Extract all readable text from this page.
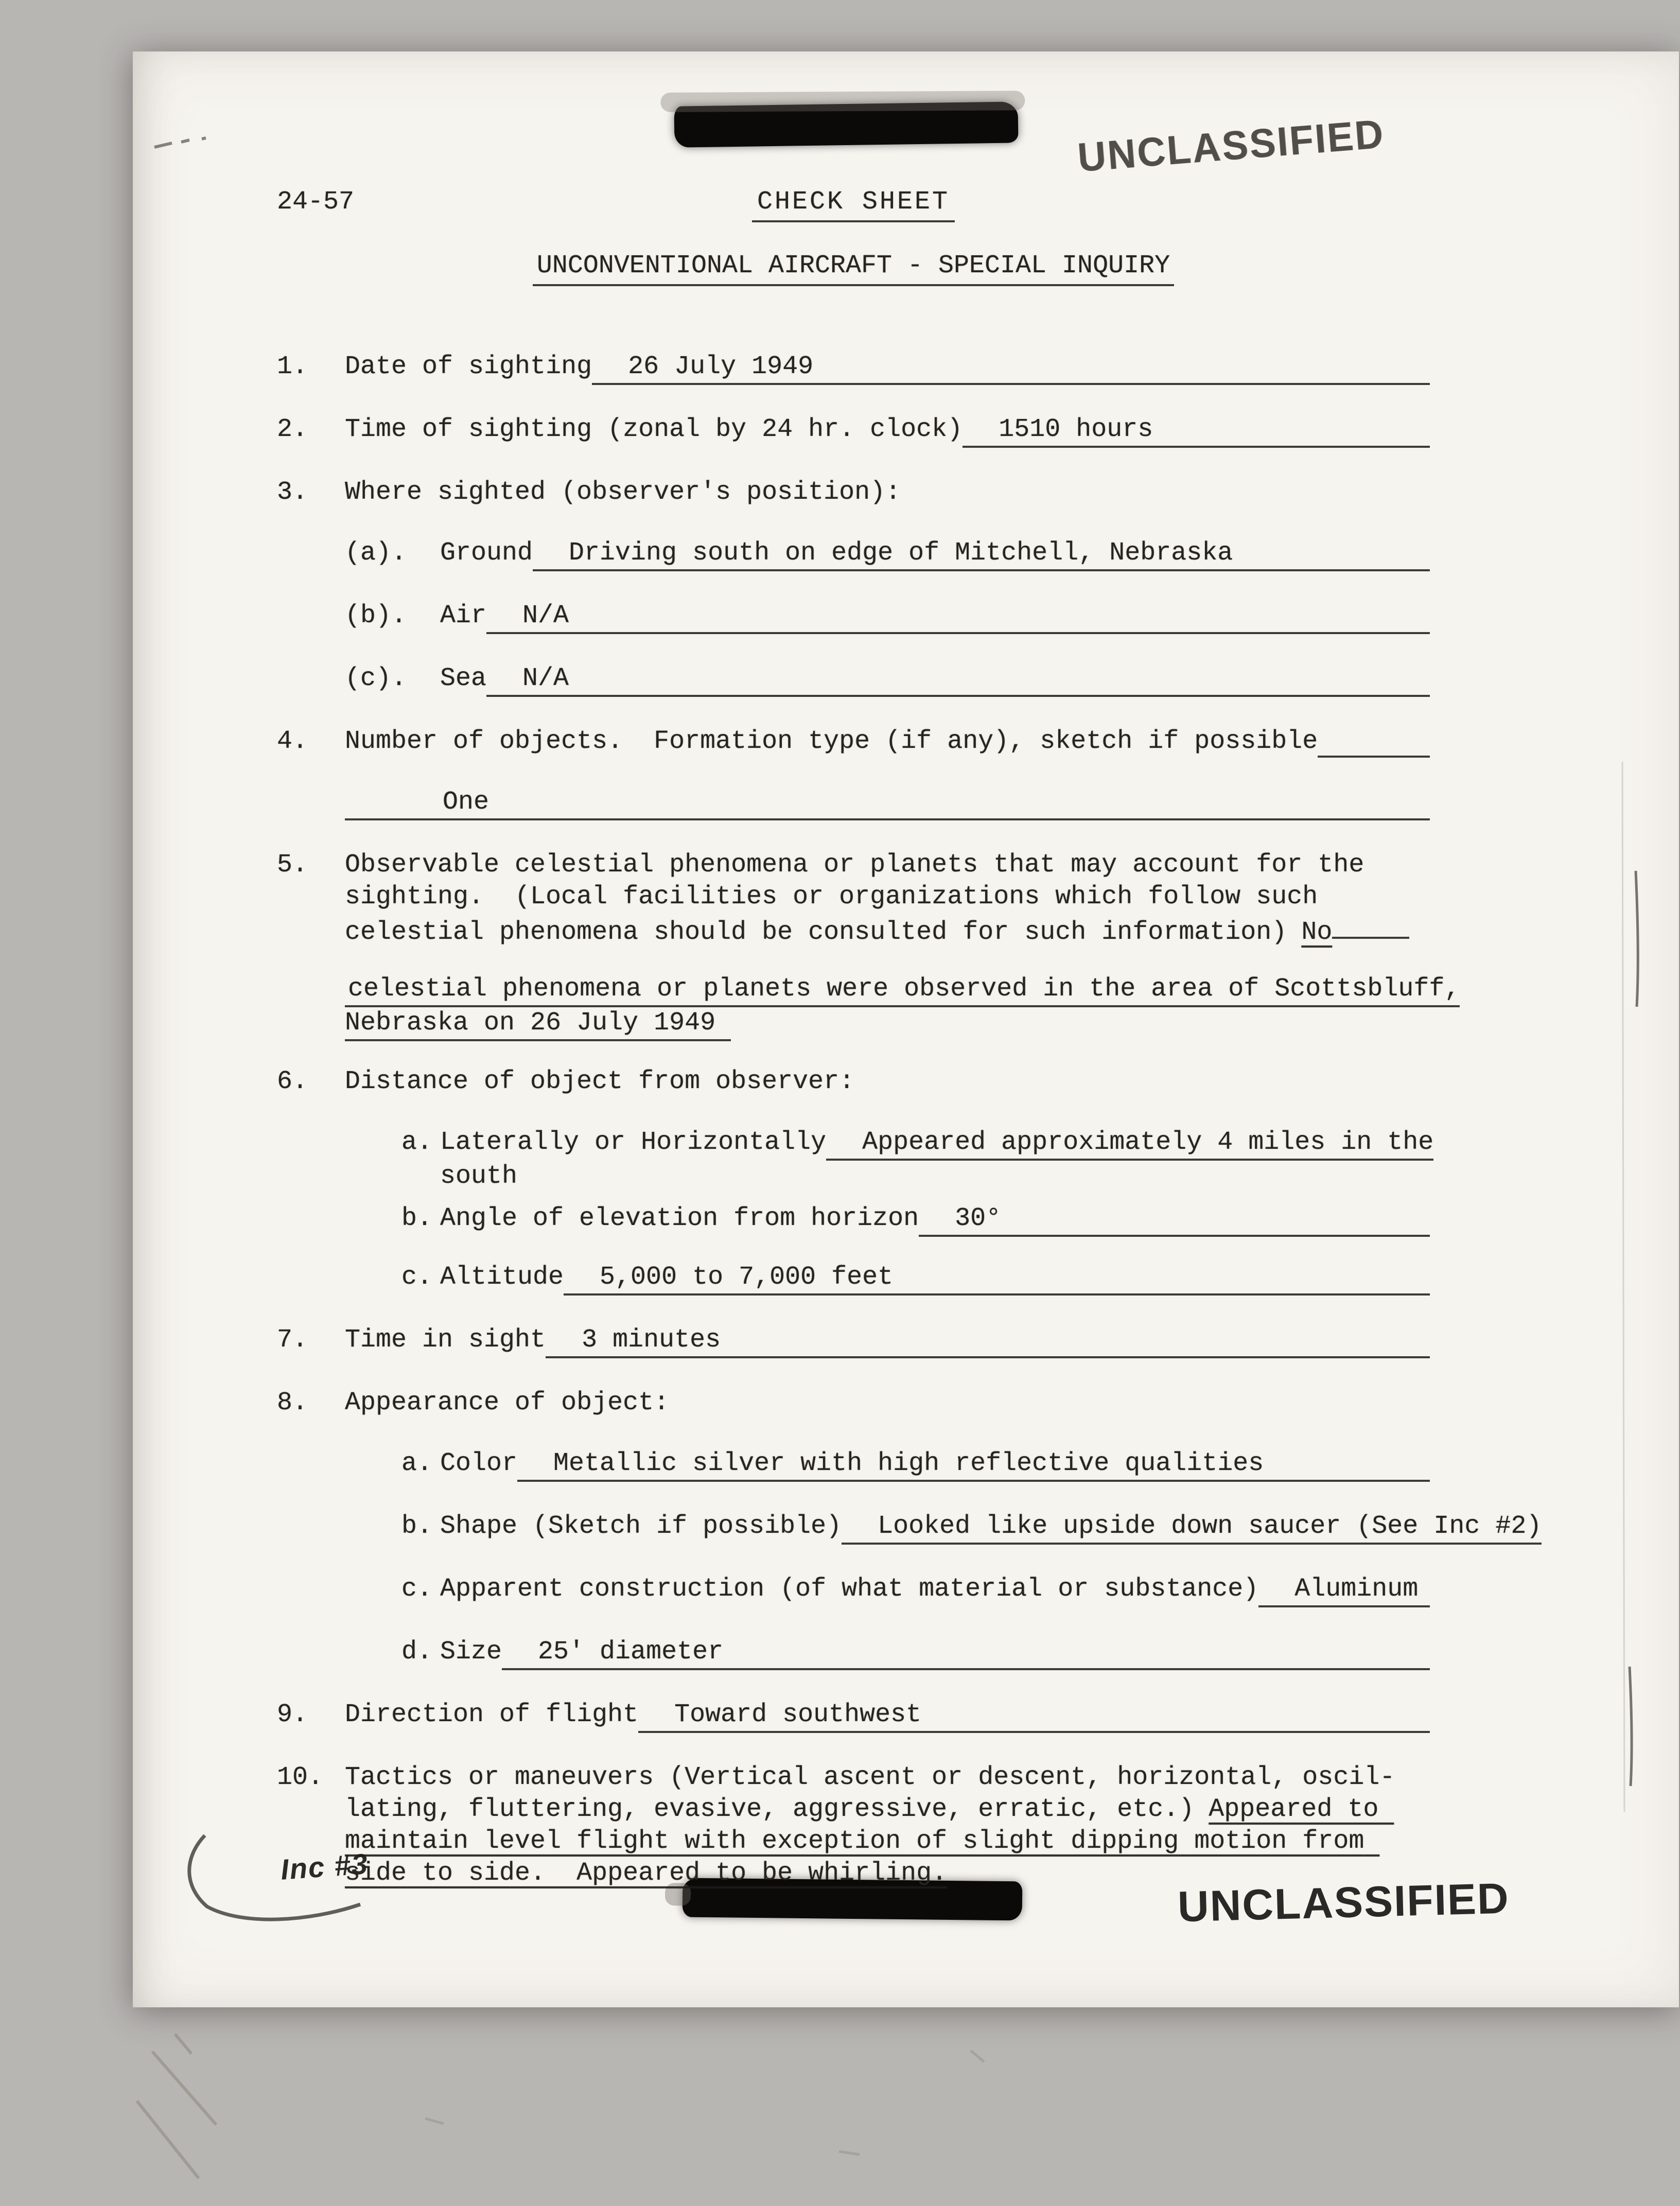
UNCLASSIFIED
UNCLASSIFIED
Inc #3
24-57	CHECK SHEET
UNCONVENTIONAL AIRCRAFT - SPECIAL INQUIRY
1.	Date of sighting	26 July 1949
2.	Time of sighting (zonal by 24 hr. clock)	1510 hours
3.	Where sighted (observer's position):
(a).	Ground	Driving south on edge of Mitchell, Nebraska
(b).	Air	N/A
(c).	Sea	N/A
4.	Number of objects.  Formation type (if any), sketch if possible
One
5.	Observable celestial phenomena or planets that may account for the sighting.  (Local facilities or organizations which follow such celestial phenomena should be consulted for such information) No
celestial phenomena or planets were observed in the area of Scottsbluff,
Nebraska on 26 July 1949
6.	Distance of object from observer:
a. Laterally or Horizontally	Appeared approximately 4 miles in the
south
b. Angle of elevation from horizon	30°
c. Altitude	5,000 to 7,000 feet
7.	Time in sight	3 minutes
8.	Appearance of object:
a. Color	Metallic silver with high reflective qualities
b. Shape (Sketch if possible)	Looked like upside down saucer (See Inc #2)
c. Apparent construction (of what material or substance)	Aluminum
d. Size	25' diameter
9.	Direction of flight	Toward southwest
10. Tactics or maneuvers (Vertical ascent or descent, horizontal, oscil-lating, fluttering, evasive, aggressive, erratic, etc.) Appeared to maintain level flight with exception of slight dipping motion from side to side.  Appeared to be whirling.
